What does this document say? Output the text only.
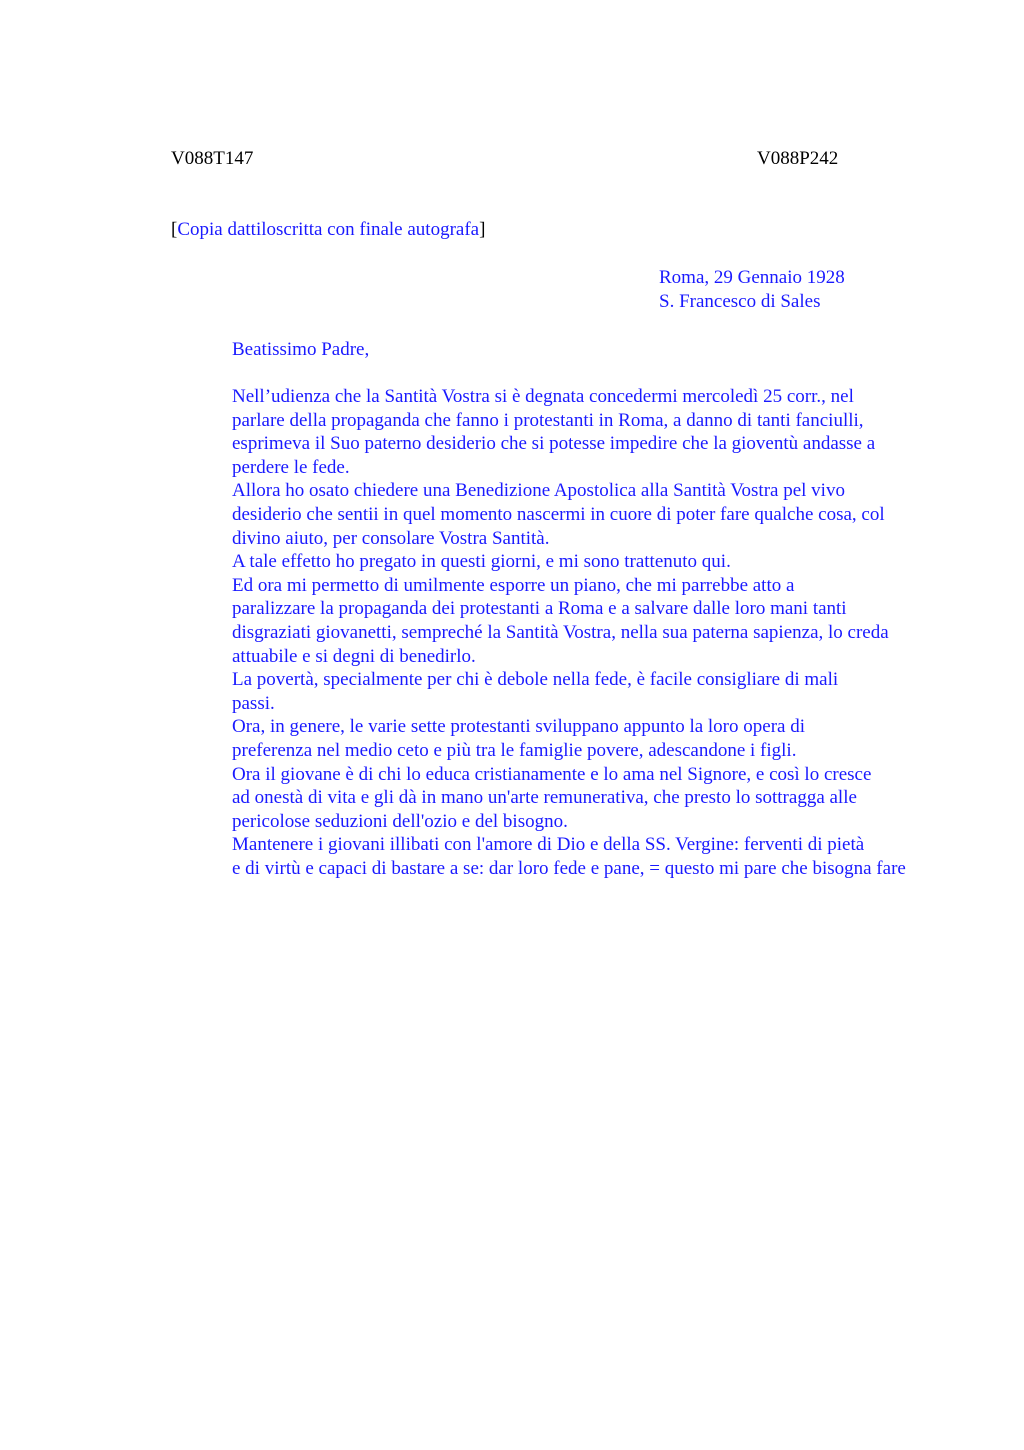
V088T147	V088P242
[Copia dattiloscritta con finale autografa]
Roma, 29 Gennaio 1928
S. Francesco di Sales
Beatissimo Padre,

Nell’udienza che la Santità Vostra si è degnata concedermi mercoledì 25 corr., nel
parlare della propaganda che fanno i protestanti in Roma, a danno di tanti fanciulli,
esprimeva il Suo paterno desiderio che si potesse impedire che la gioventù andasse a
perdere le fede.

Allora ho osato chiedere una Benedizione Apostolica alla Santità Vostra pel vivo
desiderio che sentii in quel momento nascermi in cuore di poter fare qualche cosa, col
divino aiuto, per consolare Vostra Santità.

A tale effetto ho pregato in questi giorni, e mi sono trattenuto qui.

Ed ora mi permetto di umilmente esporre un piano, che mi parrebbe atto a
paralizzare la propaganda dei protestanti a Roma e a salvare dalle loro mani tanti
disgraziati giovanetti, sempreché la Santità Vostra, nella sua paterna sapienza, lo creda
attuabile e si degni di benedirlo.

La povertà, specialmente per chi è debole nella fede, è facile consigliare di mali
passi.

Ora, in genere, le varie sette protestanti sviluppano appunto la loro opera di
preferenza nel medio ceto e più tra le famiglie povere, adescandone i figli.

Ora il giovane è di chi lo educa cristianamente e lo ama nel Signore, e così lo cresce
ad onestà di vita e gli dà in mano un'arte remunerativa, che presto lo sottragga alle
pericolose seduzioni dell'ozio e del bisogno.

Mantenere i giovani illibati con l'amore di Dio e della SS. Vergine: ferventi di pietà
e di virtù e capaci di bastare a se: dar loro fede e pane, = questo mi pare che bisogna fare
